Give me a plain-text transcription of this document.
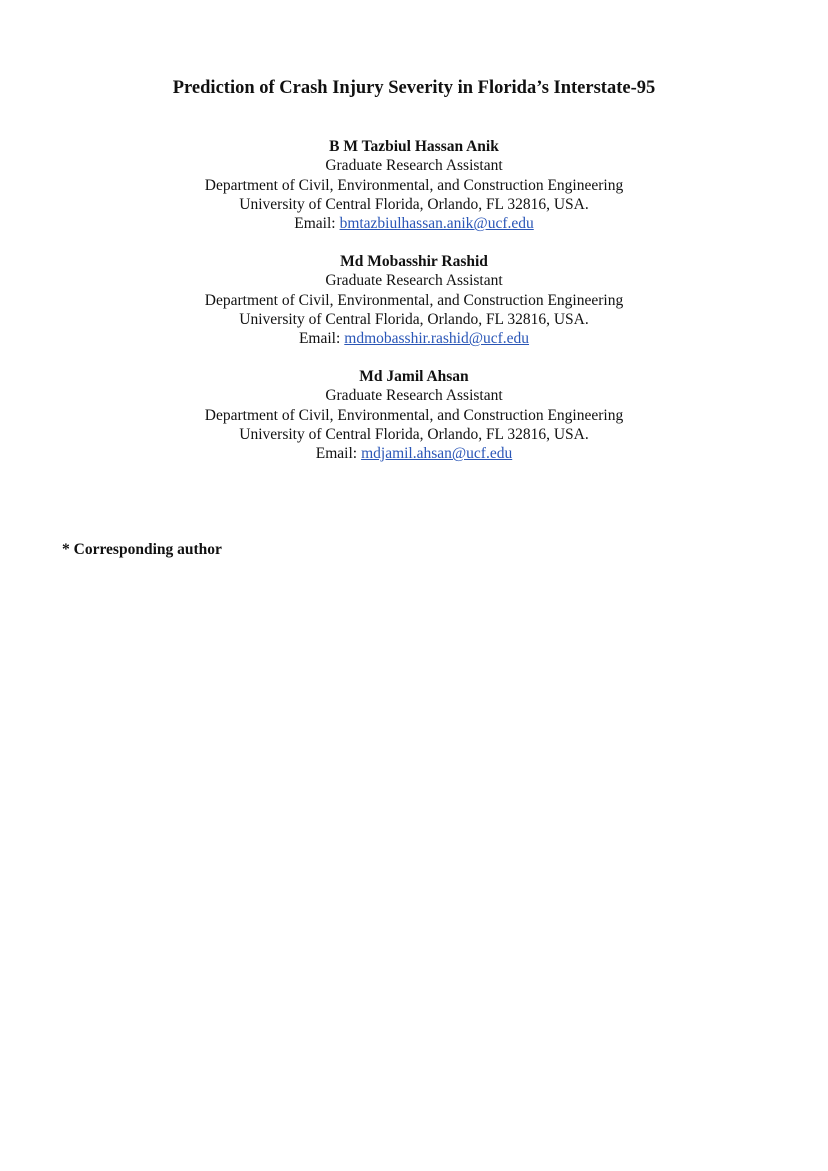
Prediction of Crash Injury Severity in Florida’s Interstate-95
B M Tazbiul Hassan Anik
Graduate Research Assistant
Department of Civil, Environmental, and Construction Engineering
University of Central Florida, Orlando, FL 32816, USA.
Email: bmtazbiulhassan.anik@ucf.edu
Md Mobasshir Rashid
Graduate Research Assistant
Department of Civil, Environmental, and Construction Engineering
University of Central Florida, Orlando, FL 32816, USA.
Email: mdmobasshir.rashid@ucf.edu
Md Jamil Ahsan
Graduate Research Assistant
Department of Civil, Environmental, and Construction Engineering
University of Central Florida, Orlando, FL 32816, USA.
Email: mdjamil.ahsan@ucf.edu
* Corresponding author
